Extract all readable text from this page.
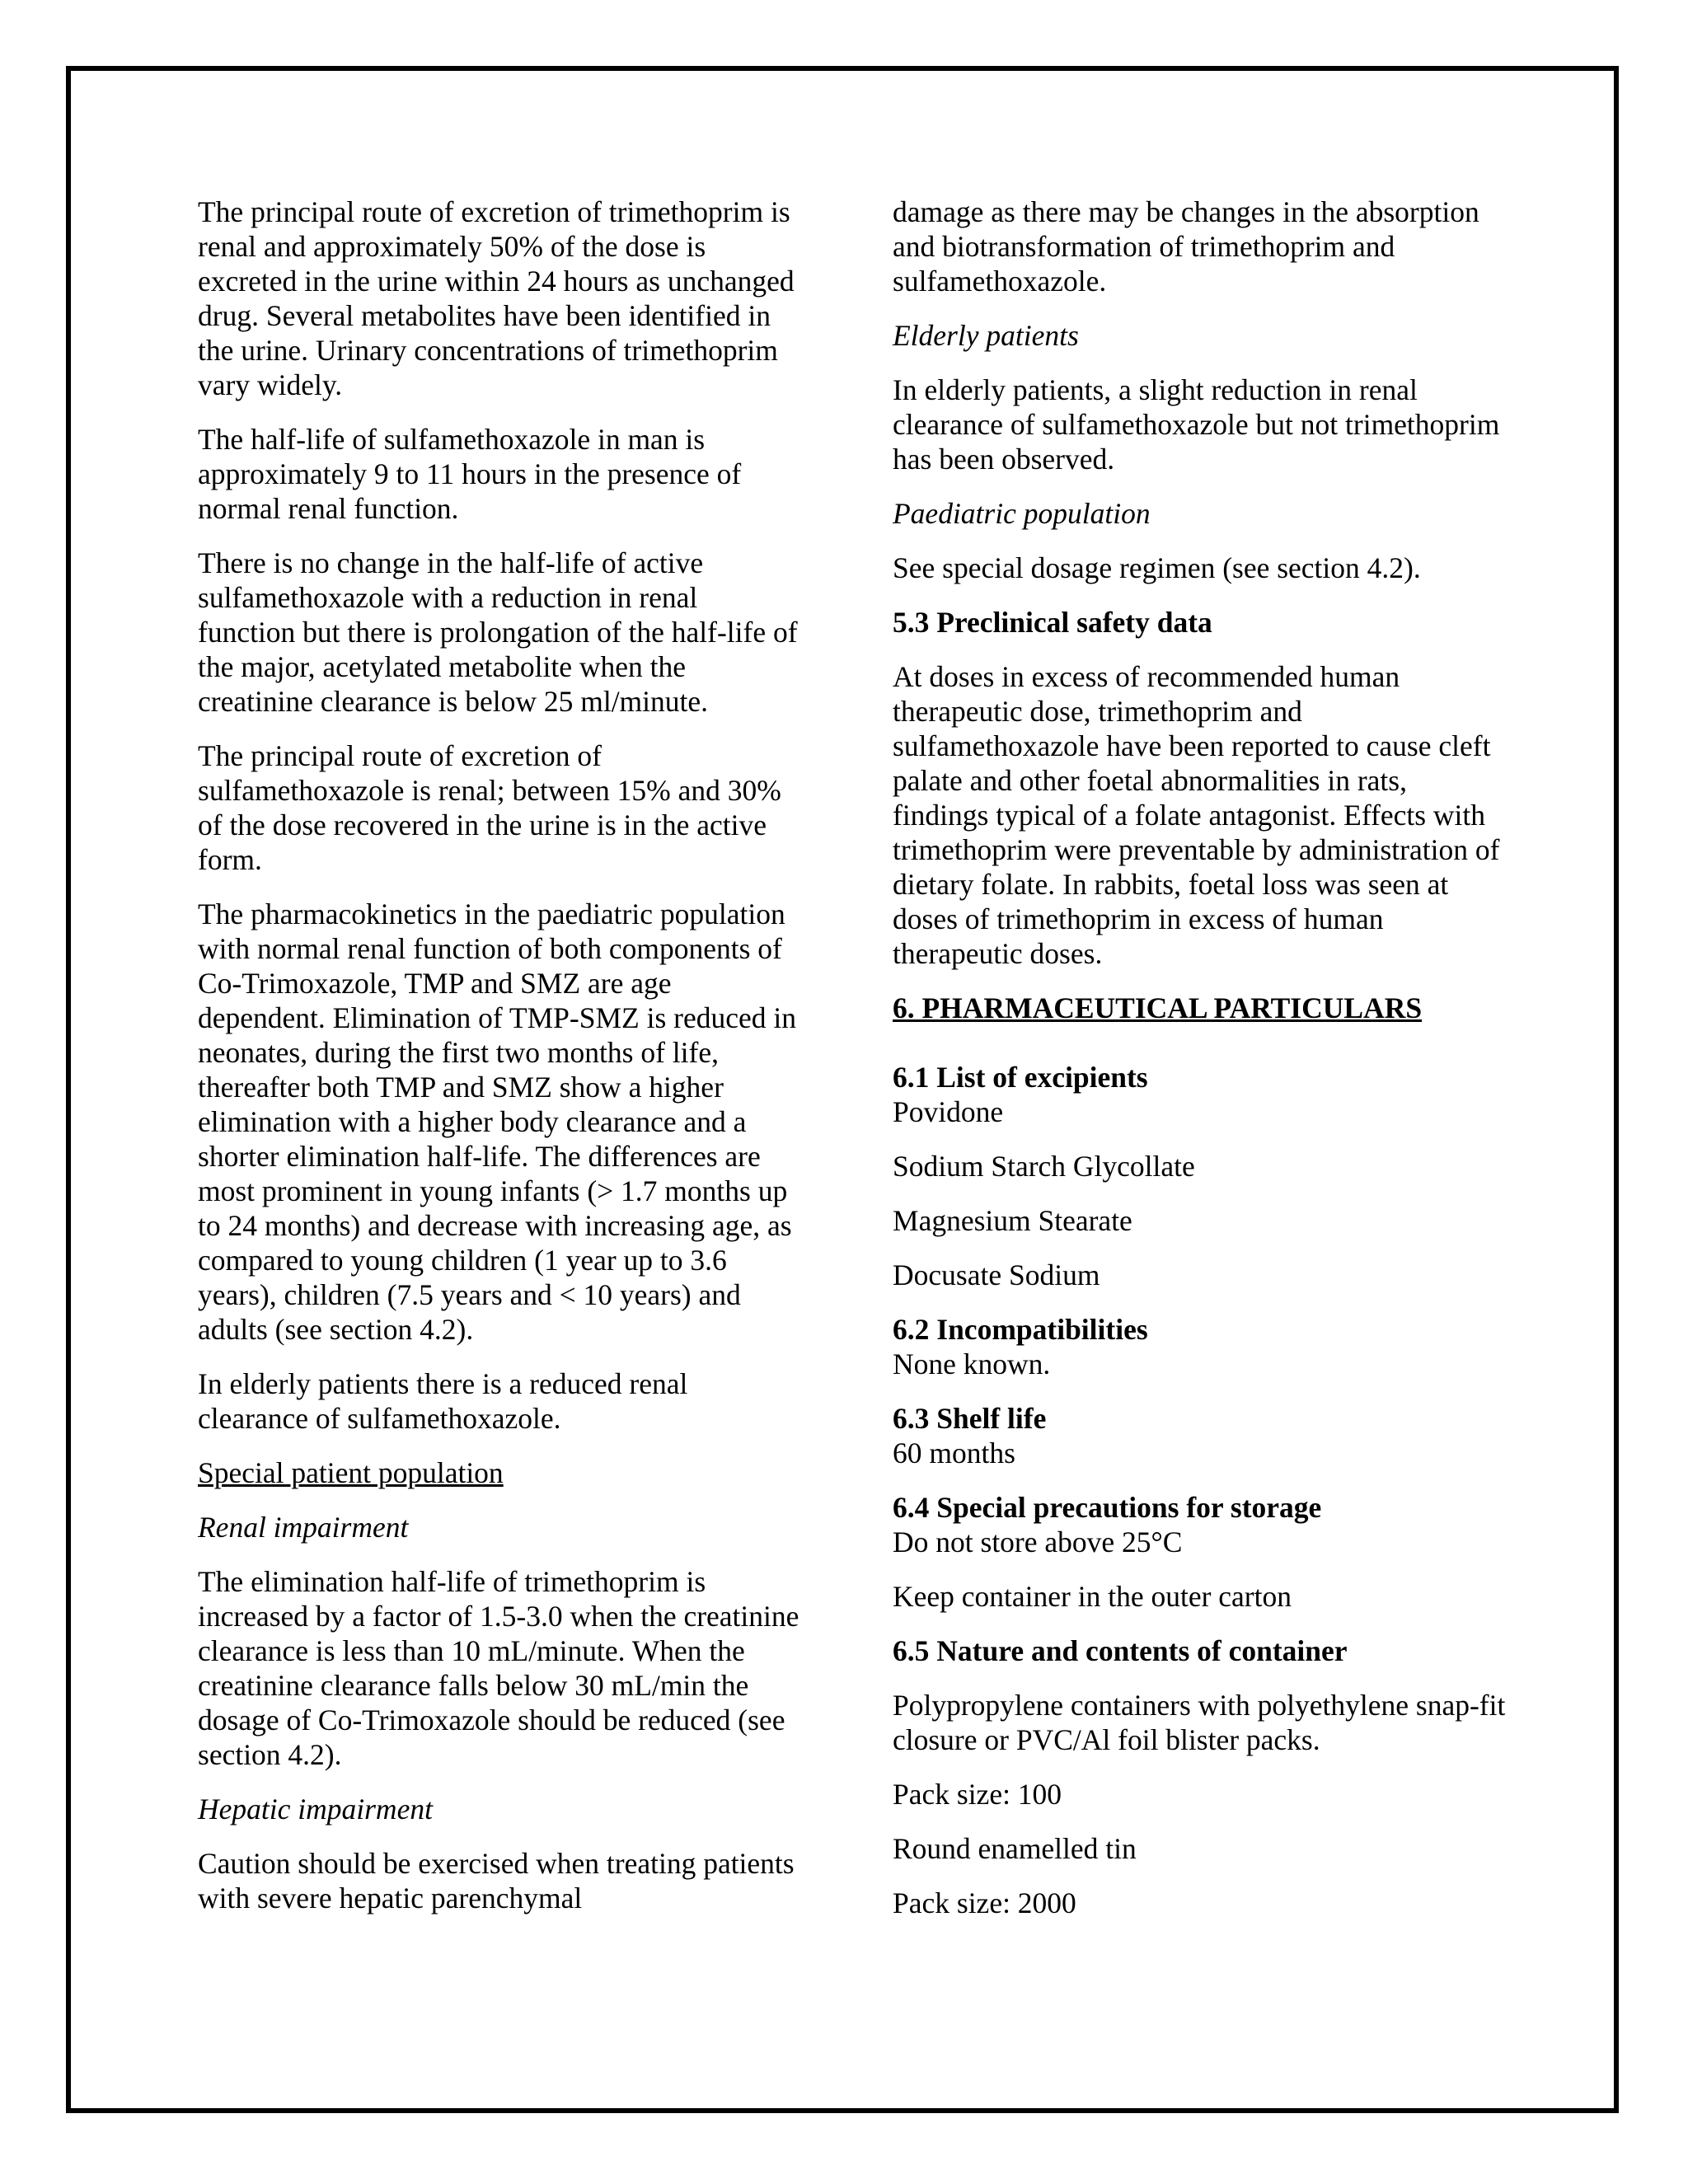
The principal route of excretion of trimethoprim is renal and approximately 50% of the dose is excreted in the urine within 24 hours as unchanged drug. Several metabolites have been identified in the urine. Urinary concentrations of trimethoprim vary widely.

The half-life of sulfamethoxazole in man is approximately 9 to 11 hours in the presence of normal renal function.

There is no change in the half-life of active sulfamethoxazole with a reduction in renal function but there is prolongation of the half-life of the major, acetylated metabolite when the creatinine clearance is below 25 ml/minute.

The principal route of excretion of sulfamethoxazole is renal; between 15% and 30% of the dose recovered in the urine is in the active form.

The pharmacokinetics in the paediatric population with normal renal function of both components of Co-Trimoxazole, TMP and SMZ are age dependent. Elimination of TMP-SMZ is reduced in neonates, during the first two months of life, thereafter both TMP and SMZ show a higher elimination with a higher body clearance and a shorter elimination half-life. The differences are most prominent in young infants (> 1.7 months up to 24 months) and decrease with increasing age, as compared to young children (1 year up to 3.6 years), children (7.5 years and < 10 years) and adults (see section 4.2).

In elderly patients there is a reduced renal clearance of sulfamethoxazole.

Special patient population

Renal impairment

The elimination half-life of trimethoprim is increased by a factor of 1.5-3.0 when the creatinine clearance is less than 10 mL/minute. When the creatinine clearance falls below 30 mL/min the dosage of Co-Trimoxazole should be reduced (see section 4.2).

Hepatic impairment

Caution should be exercised when treating patients with severe hepatic parenchymal

damage as there may be changes in the absorption and biotransformation of trimethoprim and sulfamethoxazole.

Elderly patients

In elderly patients, a slight reduction in renal clearance of sulfamethoxazole but not trimethoprim has been observed.

Paediatric population

See special dosage regimen (see section 4.2).

5.3 Preclinical safety data

At doses in excess of recommended human therapeutic dose, trimethoprim and sulfamethoxazole have been reported to cause cleft palate and other foetal abnormalities in rats, findings typical of a folate antagonist. Effects with trimethoprim were preventable by administration of dietary folate. In rabbits, foetal loss was seen at doses of trimethoprim in excess of human therapeutic doses.

6. PHARMACEUTICAL PARTICULARS

6.1 List of excipients
Povidone

Sodium Starch Glycollate

Magnesium Stearate

Docusate Sodium

6.2 Incompatibilities
None known.
6.3 Shelf life
60 months
6.4 Special precautions for storage
Do not store above 25°C

Keep container in the outer carton

6.5 Nature and contents of container

Polypropylene containers with polyethylene snap-fit closure or PVC/Al foil blister packs.

Pack size: 100

Round enamelled tin

Pack size: 2000
